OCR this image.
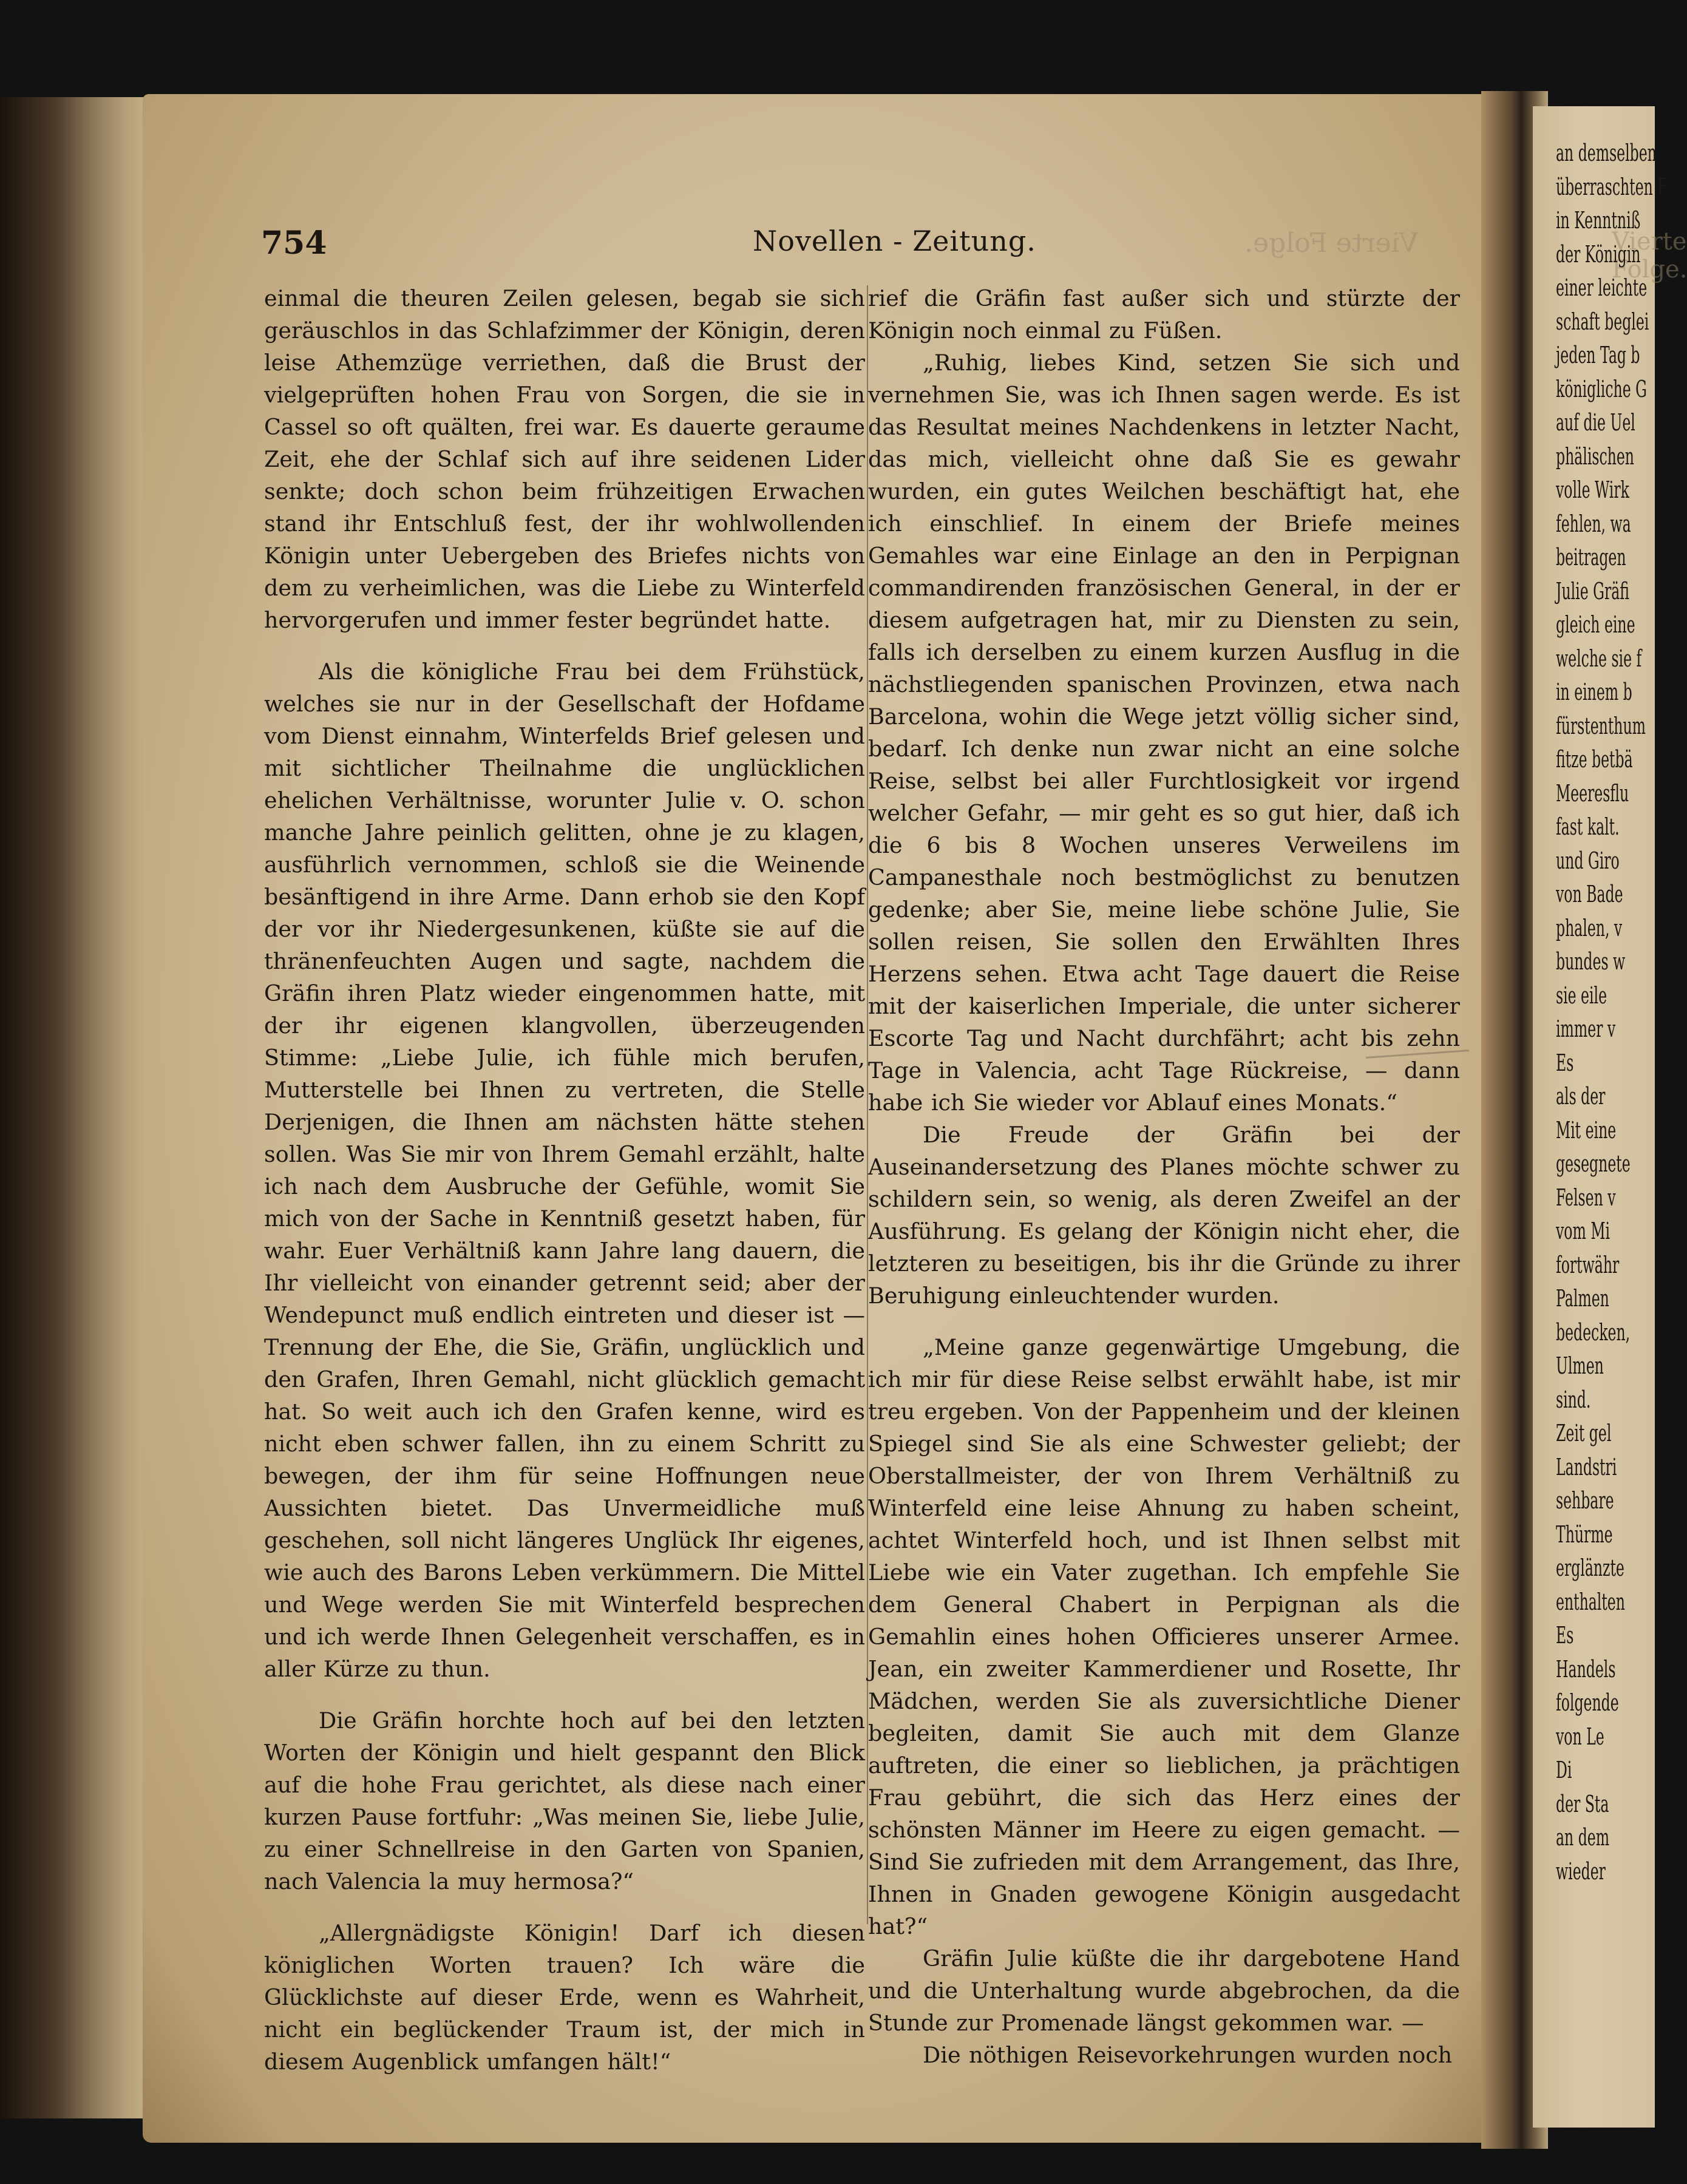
Vierte Folge.
an demselben
überraschten F
in Kenntniß
der Königin
einer leichte
schaft beglei
jeden Tag b
königliche G
auf die Uel
phälischen
volle Wirk
fehlen, wa
beitragen
Julie Gräfi
gleich eine
welche sie f
in einem b
fürstenthum
fitze betbä
Meeresflu
fast kalt.
und Giro
von Bade
phalen, v
bundes w
sie eile
immer v
Es
als der
Mit eine
gesegnete
Felsen v
vom Mi
fortwähr
Palmen
bedecken,
Ulmen
sind.
Zeit gel
Landstri
sehbare
Thürme
erglänzte
enthalten
Es
Handels
folgende
von Le
Di
der Sta
an dem
wieder
754	Novellen - Zeitung.	Vierte Folge.

einmal die theuren Zeilen gelesen, begab sie sich geräuschlos in das Schlafzimmer der Königin, deren leise Athemzüge verriethen, daß die Brust der vielgeprüften hohen Frau von Sorgen, die sie in Cassel so oft quälten, frei war. Es dauerte geraume Zeit, ehe der Schlaf sich auf ihre seidenen Lider senkte; doch schon beim frühzeitigen Erwachen stand ihr Entschluß fest, der ihr wohlwollenden Königin unter Uebergeben des Briefes nichts von dem zu verheimlichen, was die Liebe zu Winterfeld hervorgerufen und immer fester begründet hatte.

Als die königliche Frau bei dem Frühstück, welches sie nur in der Gesellschaft der Hofdame vom Dienst einnahm, Winterfelds Brief gelesen und mit sichtlicher Theilnahme die unglücklichen ehelichen Verhältnisse, worunter Julie v. O. schon manche Jahre peinlich gelitten, ohne je zu klagen, ausführlich vernommen, schloß sie die Weinende besänftigend in ihre Arme. Dann erhob sie den Kopf der vor ihr Niedergesunkenen, küßte sie auf die thränenfeuchten Augen und sagte, nachdem die Gräfin ihren Platz wieder eingenommen hatte, mit der ihr eigenen klangvollen, überzeugenden Stimme: „Liebe Julie, ich fühle mich berufen, Mutterstelle bei Ihnen zu vertreten, die Stelle Derjenigen, die Ihnen am nächsten hätte stehen sollen. Was Sie mir von Ihrem Gemahl erzählt, halte ich nach dem Ausbruche der Gefühle, womit Sie mich von der Sache in Kenntniß gesetzt haben, für wahr. Euer Verhältniß kann Jahre lang dauern, die Ihr vielleicht von einander getrennt seid; aber der Wendepunct muß endlich eintreten und dieser ist — Trennung der Ehe, die Sie, Gräfin, unglücklich und den Grafen, Ihren Gemahl, nicht glücklich gemacht hat. So weit auch ich den Grafen kenne, wird es nicht eben schwer fallen, ihn zu einem Schritt zu bewegen, der ihm für seine Hoffnungen neue Aussichten bietet. Das Unvermeidliche muß geschehen, soll nicht längeres Unglück Ihr eigenes, wie auch des Barons Leben verkümmern. Die Mittel und Wege werden Sie mit Winterfeld besprechen und ich werde Ihnen Gelegenheit verschaffen, es in aller Kürze zu thun.

Die Gräfin horchte hoch auf bei den letzten Worten der Königin und hielt gespannt den Blick auf die hohe Frau gerichtet, als diese nach einer kurzen Pause fortfuhr: „Was meinen Sie, liebe Julie, zu einer Schnellreise in den Garten von Spanien, nach Valencia la muy hermosa?“

„Allergnädigste Königin! Darf ich diesen königlichen Worten trauen? Ich wäre die Glücklichste auf dieser Erde, wenn es Wahrheit, nicht ein beglückender Traum ist, der mich in diesem Augenblick umfangen hält!“

rief die Gräfin fast außer sich und stürzte der Königin noch einmal zu Füßen.

„Ruhig, liebes Kind, setzen Sie sich und vernehmen Sie, was ich Ihnen sagen werde. Es ist das Resultat meines Nachdenkens in letzter Nacht, das mich, vielleicht ohne daß Sie es gewahr wurden, ein gutes Weilchen beschäftigt hat, ehe ich einschlief. In einem der Briefe meines Gemahles war eine Einlage an den in Perpignan commandirenden französischen General, in der er diesem aufgetragen hat, mir zu Diensten zu sein, falls ich derselben zu einem kurzen Ausflug in die nächstliegenden spanischen Provinzen, etwa nach Barcelona, wohin die Wege jetzt völlig sicher sind, bedarf. Ich denke nun zwar nicht an eine solche Reise, selbst bei aller Furchtlosigkeit vor irgend welcher Gefahr, — mir geht es so gut hier, daß ich die 6 bis 8 Wochen unseres Verweilens im Campanesthale noch bestmöglichst zu benutzen gedenke; aber Sie, meine liebe schöne Julie, Sie sollen reisen, Sie sollen den Erwählten Ihres Herzens sehen. Etwa acht Tage dauert die Reise mit der kaiserlichen Imperiale, die unter sicherer Escorte Tag und Nacht durchfährt; acht bis zehn Tage in Valencia, acht Tage Rückreise, — dann habe ich Sie wieder vor Ablauf eines Monats.“

Die Freude der Gräfin bei der Auseinandersetzung des Planes möchte schwer zu schildern sein, so wenig, als deren Zweifel an der Ausführung. Es gelang der Königin nicht eher, die letzteren zu beseitigen, bis ihr die Gründe zu ihrer Beruhigung einleuchtender wurden.

„Meine ganze gegenwärtige Umgebung, die ich mir für diese Reise selbst erwählt habe, ist mir treu ergeben. Von der Pappenheim und der kleinen Spiegel sind Sie als eine Schwester geliebt; der Oberstallmeister, der von Ihrem Verhältniß zu Winterfeld eine leise Ahnung zu haben scheint, achtet Winterfeld hoch, und ist Ihnen selbst mit Liebe wie ein Vater zugethan. Ich empfehle Sie dem General Chabert in Perpignan als die Gemahlin eines hohen Officieres unserer Armee. Jean, ein zweiter Kammerdiener und Rosette, Ihr Mädchen, werden Sie als zuversichtliche Diener begleiten, damit Sie auch mit dem Glanze auftreten, die einer so lieblichen, ja prächtigen Frau gebührt, die sich das Herz eines der schönsten Männer im Heere zu eigen gemacht. — Sind Sie zufrieden mit dem Arrangement, das Ihre, Ihnen in Gnaden gewogene Königin ausgedacht hat?“

Gräfin Julie küßte die ihr dargebotene Hand und die Unterhaltung wurde abgebrochen, da die Stunde zur Promenade längst gekommen war. —

Die nöthigen Reisevorkehrungen wurden noch
